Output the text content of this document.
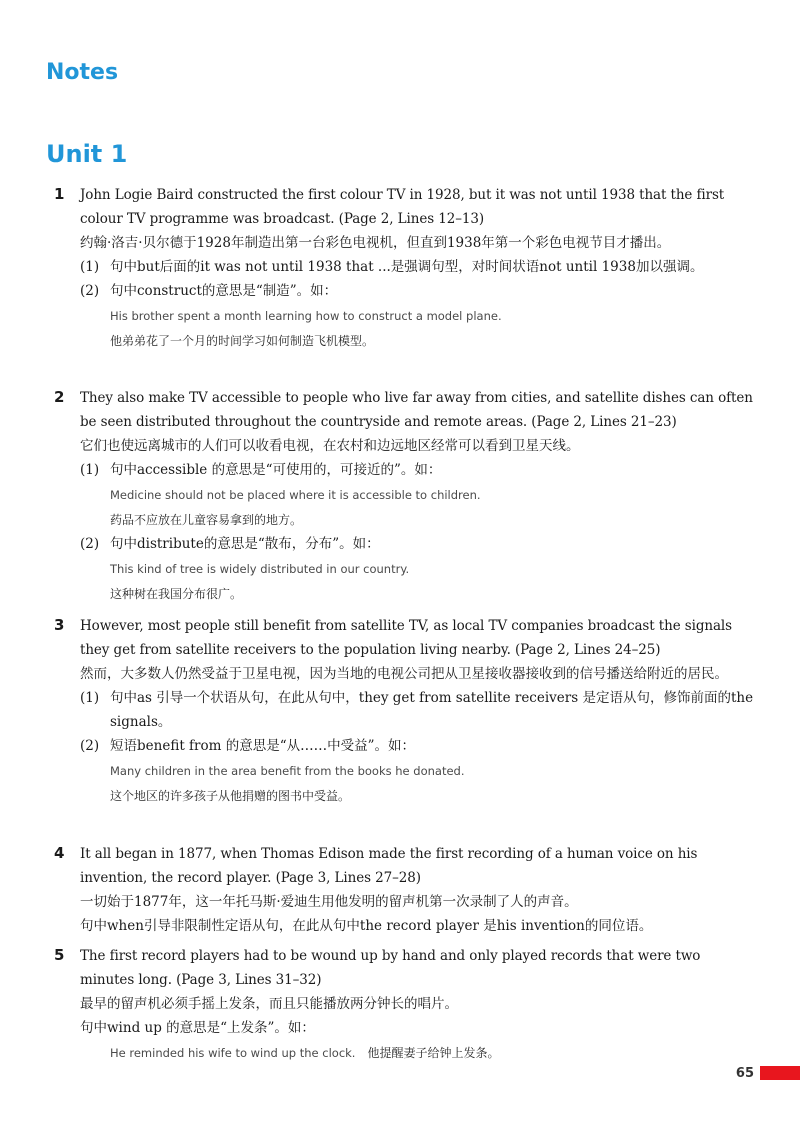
Notes
Unit 1
1	John Logie Baird constructed the first colour TV in 1928, but it was not until 1938 that the first colour TV programme was broadcast. (Page 2, Lines 12–13)
约翰·洛吉·贝尔德于1928年制造出第一台彩色电视机，但直到1938年第一个彩色电视节目才播出。
(1) 句中but后面的it was not until 1938 that ...是强调句型，对时间状语not until 1938加以强调。
(2) 句中construct的意思是“制造”。如：
His brother spent a month learning how to construct a model plane.
他弟弟花了一个月的时间学习如何制造飞机模型。
2	They also make TV accessible to people who live far away from cities, and satellite dishes can often be seen distributed throughout the countryside and remote areas. (Page 2, Lines 21–23)
它们也使远离城市的人们可以收看电视，在农村和边远地区经常可以看到卫星天线。
(1) 句中accessible 的意思是“可使用的，可接近的”。如：
Medicine should not be placed where it is accessible to children.
药品不应放在儿童容易拿到的地方。
(2) 句中distribute的意思是“散布，分布”。如：
This kind of tree is widely distributed in our country.
这种树在我国分布很广。
3	However, most people still benefit from satellite TV, as local TV companies broadcast the signals they get from satellite receivers to the population living nearby. (Page 2, Lines 24–25)
然而，大多数人仍然受益于卫星电视，因为当地的电视公司把从卫星接收器接收到的信号播送给附近的居民。
(1) 句中as 引导一个状语从句，在此从句中，they get from satellite receivers 是定语从句，修饰前面的the signals。
(2) 短语benefit from 的意思是“从……中受益”。如：
Many children in the area benefit from the books he donated.
这个地区的许多孩子从他捐赠的图书中受益。
4	It all began in 1877, when Thomas Edison made the first recording of a human voice on his invention, the record player. (Page 3, Lines 27–28)
一切始于1877年，这一年托马斯·爱迪生用他发明的留声机第一次录制了人的声音。
句中when引导非限制性定语从句，在此从句中the record player 是his invention的同位语。
5	The first record players had to be wound up by hand and only played records that were two minutes long. (Page 3, Lines 31–32)
最早的留声机必须手摇上发条，而且只能播放两分钟长的唱片。
句中wind up 的意思是“上发条”。如：
He reminded his wife to wind up the clock. 他提醒妻子给钟上发条。
65
